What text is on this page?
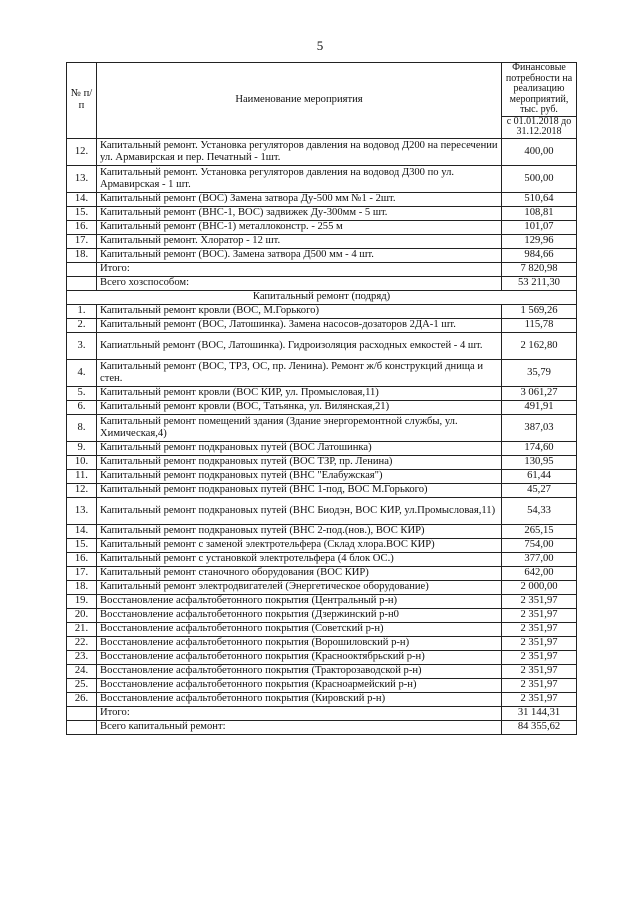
5
№ п/п	Наименование мероприятия	Финансовые потребности на реализацию мероприятий, тыс. руб.
		с 01.01.2018 до 31.12.2018
12.	Капитальный ремонт. Установка регуляторов давления на водовод Д200 на пересечении ул. Армавирская и пер. Печатный - 1шт.	400,00
13.	Капитальный ремонт. Установка регуляторов давления на водовод Д300 по ул. Армавирская - 1 шт.	500,00
14.	Капитальный ремонт (ВОС) Замена затвора Ду-500 мм №1 - 2шт.	510,64
15.	Капитальный ремонт (ВНС-1, ВОС) задвижек Ду-300мм - 5 шт.	108,81
16.	Капитальный ремонт (ВНС-1) металлоконстр. - 255 м	101,07
17.	Капитальный ремонт. Хлоратор - 12 шт.	129,96
18.	Капитальный ремонт (ВОС). Замена затвора Д500 мм - 4 шт.	984,66
	Итого:	7 820,98
	Всего хозспособом:	53 211,30
Капитальный ремонт (подряд)		
1.	Капитальный ремонт кровли (ВОС, М.Горького)	1 569,26
2.	Капитальный ремонт (ВОС, Латошинка). Замена насосов-дозаторов 2ДА-1 шт.	115,78
3.	Капиатльный ремонт (ВОС, Латошинка). Гидроизоляция расходных емкостей - 4 шт.	2 162,80
4.	Капитальный ремонт (ВОС, ТРЗ, ОС, пр. Ленина). Ремонт ж/б конструкций днища и стен.	35,79
5.	Капитальный ремонт кровли (ВОС КИР, ул. Промысловая,11)	3 061,27
6.	Капитальный ремонт кровли (ВОС, Татьянка, ул. Вилянская,21)	491,91
8.	Капитальный ремонт помещений здания (Здание энергоремонтной службы, ул. Химическая,4)	387,03
9.	Капитальный ремонт подкрановых путей (ВОС Латошинка)	174,60
10.	Капитальный ремонт подкрановых путей (ВОС ТЗР, пр. Ленина)	130,95
11.	Капитальный ремонт подкрановых путей (ВНС "Елабужская")	61,44
12.	Капитальный ремонт подкрановых путей (ВНС 1-под, ВОС М.Горького)	45,27
13.	Капитальный ремонт подкрановых путей (ВНС Биодэн, ВОС КИР, ул.Промысловая,11)	54,33
14.	Капитальный ремонт подкрановых путей (ВНС 2-под.(нов.), ВОС КИР)	265,15
15.	Капитальный ремонт с заменой электротельфера (Склад хлора.ВОС КИР)	754,00
16.	Капитальный ремонт с установкой электротельфера (4 блок ОС.)	377,00
17.	Капитальный ремонт станочного оборудования (ВОС КИР)	642,00
18.	Капитальный ремонт электродвигателей (Энергетическое оборудование)	2 000,00
19.	Восстановление асфальтобетонного покрытия (Центральный р-н)	2 351,97
20.	Восстановление асфальтобетонного покрытия (Дзержинский р-н0	2 351,97
21.	Восстановление асфальтобетонного покрытия (Советский р-н)	2 351,97
22.	Восстановление асфальтобетонного покрытия (Ворошиловский р-н)	2 351,97
23.	Восстановление асфальтобетонного покрытия (Краснооктябрьский р-н)	2 351,97
24.	Восстановление асфальтобетонного покрытия (Тракторозаводской р-н)	2 351,97
25.	Восстановление асфальтобетонного покрытия (Красноармейский р-н)	2 351,97
26.	Восстановление асфальтобетонного покрытия (Кировский р-н)	2 351,97
	Итого:	31 144,31
	Всего капитальный ремонт:	84 355,62
